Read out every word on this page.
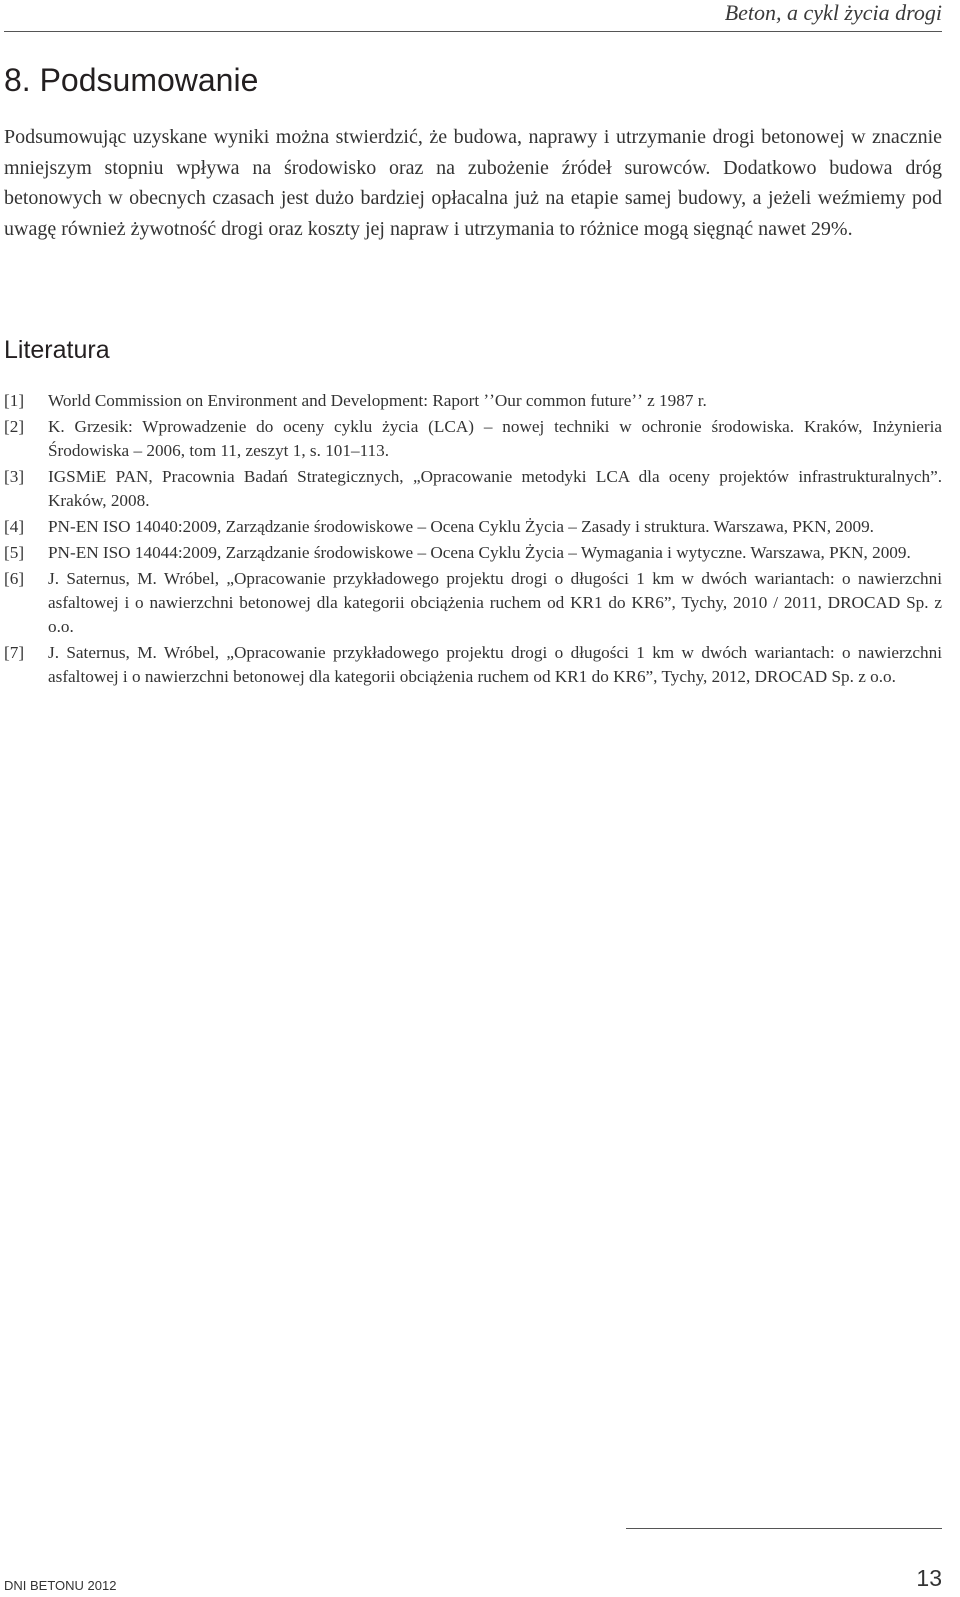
Beton, a cykl życia drogi
8. Podsumowanie

Podsumowując uzyskane wyniki można stwierdzić, że budowa, naprawy i utrzymanie drogi betonowej w znacznie mniejszym stopniu wpływa na środowisko oraz na zubożenie źródeł surowców. Dodatkowo budowa dróg betonowych w obecnych czasach jest dużo bardziej opłacalna już na etapie samej budowy, a jeżeli weźmiemy pod uwagę również żywotność drogi oraz koszty jej napraw i utrzymania to różnice mogą sięgnąć nawet 29%.

Literatura
[1]	World Commission on Environment and Development: Raport ʼʼOur common futureʼʼ z 1987 r.
[2]	K. Grzesik: Wprowadzenie do oceny cyklu życia (LCA) – nowej techniki w ochronie środowiska. Kraków, Inżynieria Środowiska – 2006, tom 11, zeszyt 1, s. 101–113.
[3]	IGSMiE PAN, Pracownia Badań Strategicznych, „Opracowanie metodyki LCA dla oceny projektów infrastrukturalnych”. Kraków, 2008.
[4]	PN-EN ISO 14040:2009, Zarządzanie środowiskowe – Ocena Cyklu Życia – Zasady i struktura. Warszawa, PKN, 2009.
[5]	PN-EN ISO 14044:2009, Zarządzanie środowiskowe – Ocena Cyklu Życia – Wymagania i wytyczne. Warszawa, PKN, 2009.
[6]	J. Saternus, M. Wróbel, „Opracowanie przykładowego projektu drogi o długości 1 km w dwóch wariantach: o nawierzchni asfaltowej i o nawierzchni betonowej dla kategorii obciążenia ruchem od KR1 do KR6”, Tychy, 2010 / 2011, DROCAD Sp. z o.o.
[7]	J. Saternus, M. Wróbel, „Opracowanie przykładowego projektu drogi o długości 1 km w dwóch wariantach: o nawierzchni asfaltowej i o nawierzchni betonowej dla kategorii obciążenia ruchem od KR1 do KR6”, Tychy, 2012, DROCAD Sp. z o.o.
DNI BETONU 2012	13
